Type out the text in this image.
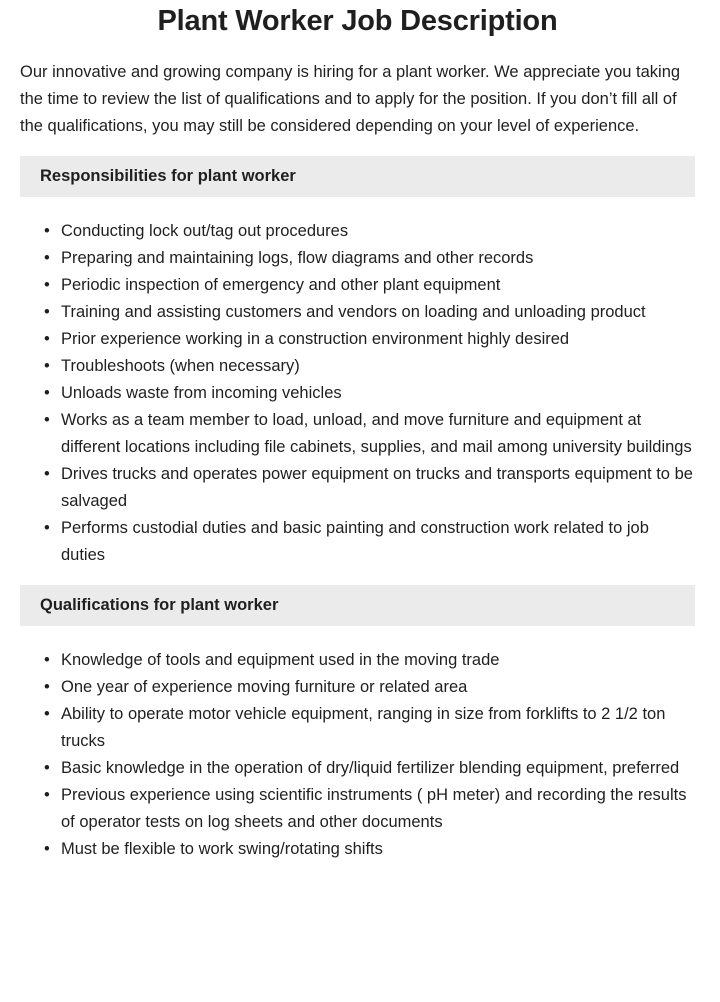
Plant Worker Job Description

Our innovative and growing company is hiring for a plant worker. We appreciate you taking the time to review the list of qualifications and to apply for the position. If you don’t fill all of the qualifications, you may still be considered depending on your level of experience.

Responsibilities for plant worker
• Conducting lock out/tag out procedures
• Preparing and maintaining logs, flow diagrams and other records
• Periodic inspection of emergency and other plant equipment
• Training and assisting customers and vendors on loading and unloading product
• Prior experience working in a construction environment highly desired
• Troubleshoots (when necessary)
• Unloads waste from incoming vehicles
• Works as a team member to load, unload, and move furniture and equipment at different locations including file cabinets, supplies, and mail among university buildings
• Drives trucks and operates power equipment on trucks and transports equipment to be salvaged
• Performs custodial duties and basic painting and construction work related to job duties
Qualifications for plant worker
• Knowledge of tools and equipment used in the moving trade
• One year of experience moving furniture or related area
• Ability to operate motor vehicle equipment, ranging in size from forklifts to 2 1/2 ton trucks
• Basic knowledge in the operation of dry/liquid fertilizer blending equipment, preferred
• Previous experience using scientific instruments ( pH meter) and recording the results of operator tests on log sheets and other documents
• Must be flexible to work swing/rotating shifts
